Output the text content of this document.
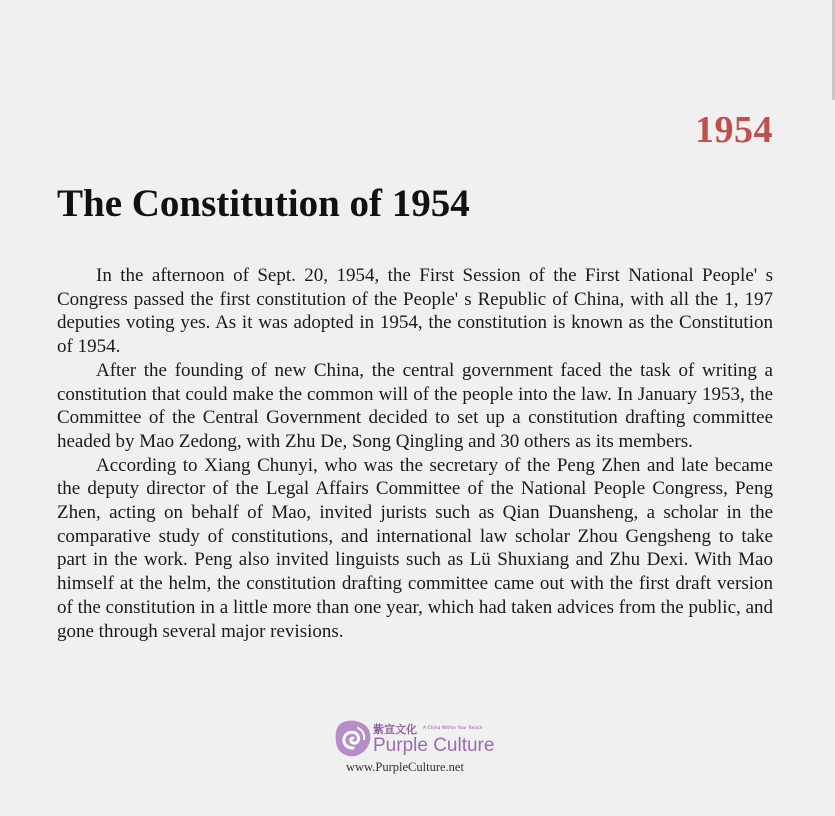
1954
The Constitution of 1954

In the afternoon of Sept. 20, 1954, the First Session of the First National People' s Congress passed the first constitution of the People' s Republic of China, with all the 1, 197 deputies voting yes. As it was adopted in 1954, the constitution is known as the Constitution of 1954.

After the founding of new China, the central government faced the task of writing a constitution that could make the common will of the people into the law. In January 1953, the Committee of the Central Government decided to set up a constitution drafting committee headed by Mao Zedong, with Zhu De, Song Qingling and 30 others as its members.

According to Xiang Chunyi, who was the secretary of the Peng Zhen and late became the deputy director of the Legal Affairs Committee of the National People Congress, Peng Zhen, acting on behalf of Mao, invited jurists such as Qian Duansheng, a scholar in the comparative study of constitutions, and international law scholar Zhou Gengsheng to take part in the work. Peng also invited linguists such as Lü Shuxiang and Zhu Dexi. With Mao himself at the helm, the constitution drafting committee came out with the first draft version of the constitution in a little more than one year, which had taken advices from the public, and gone through several major revisions.

紫宣文化 A China Within Your Reach
Purple Culture
www.PurpleCulture.net
